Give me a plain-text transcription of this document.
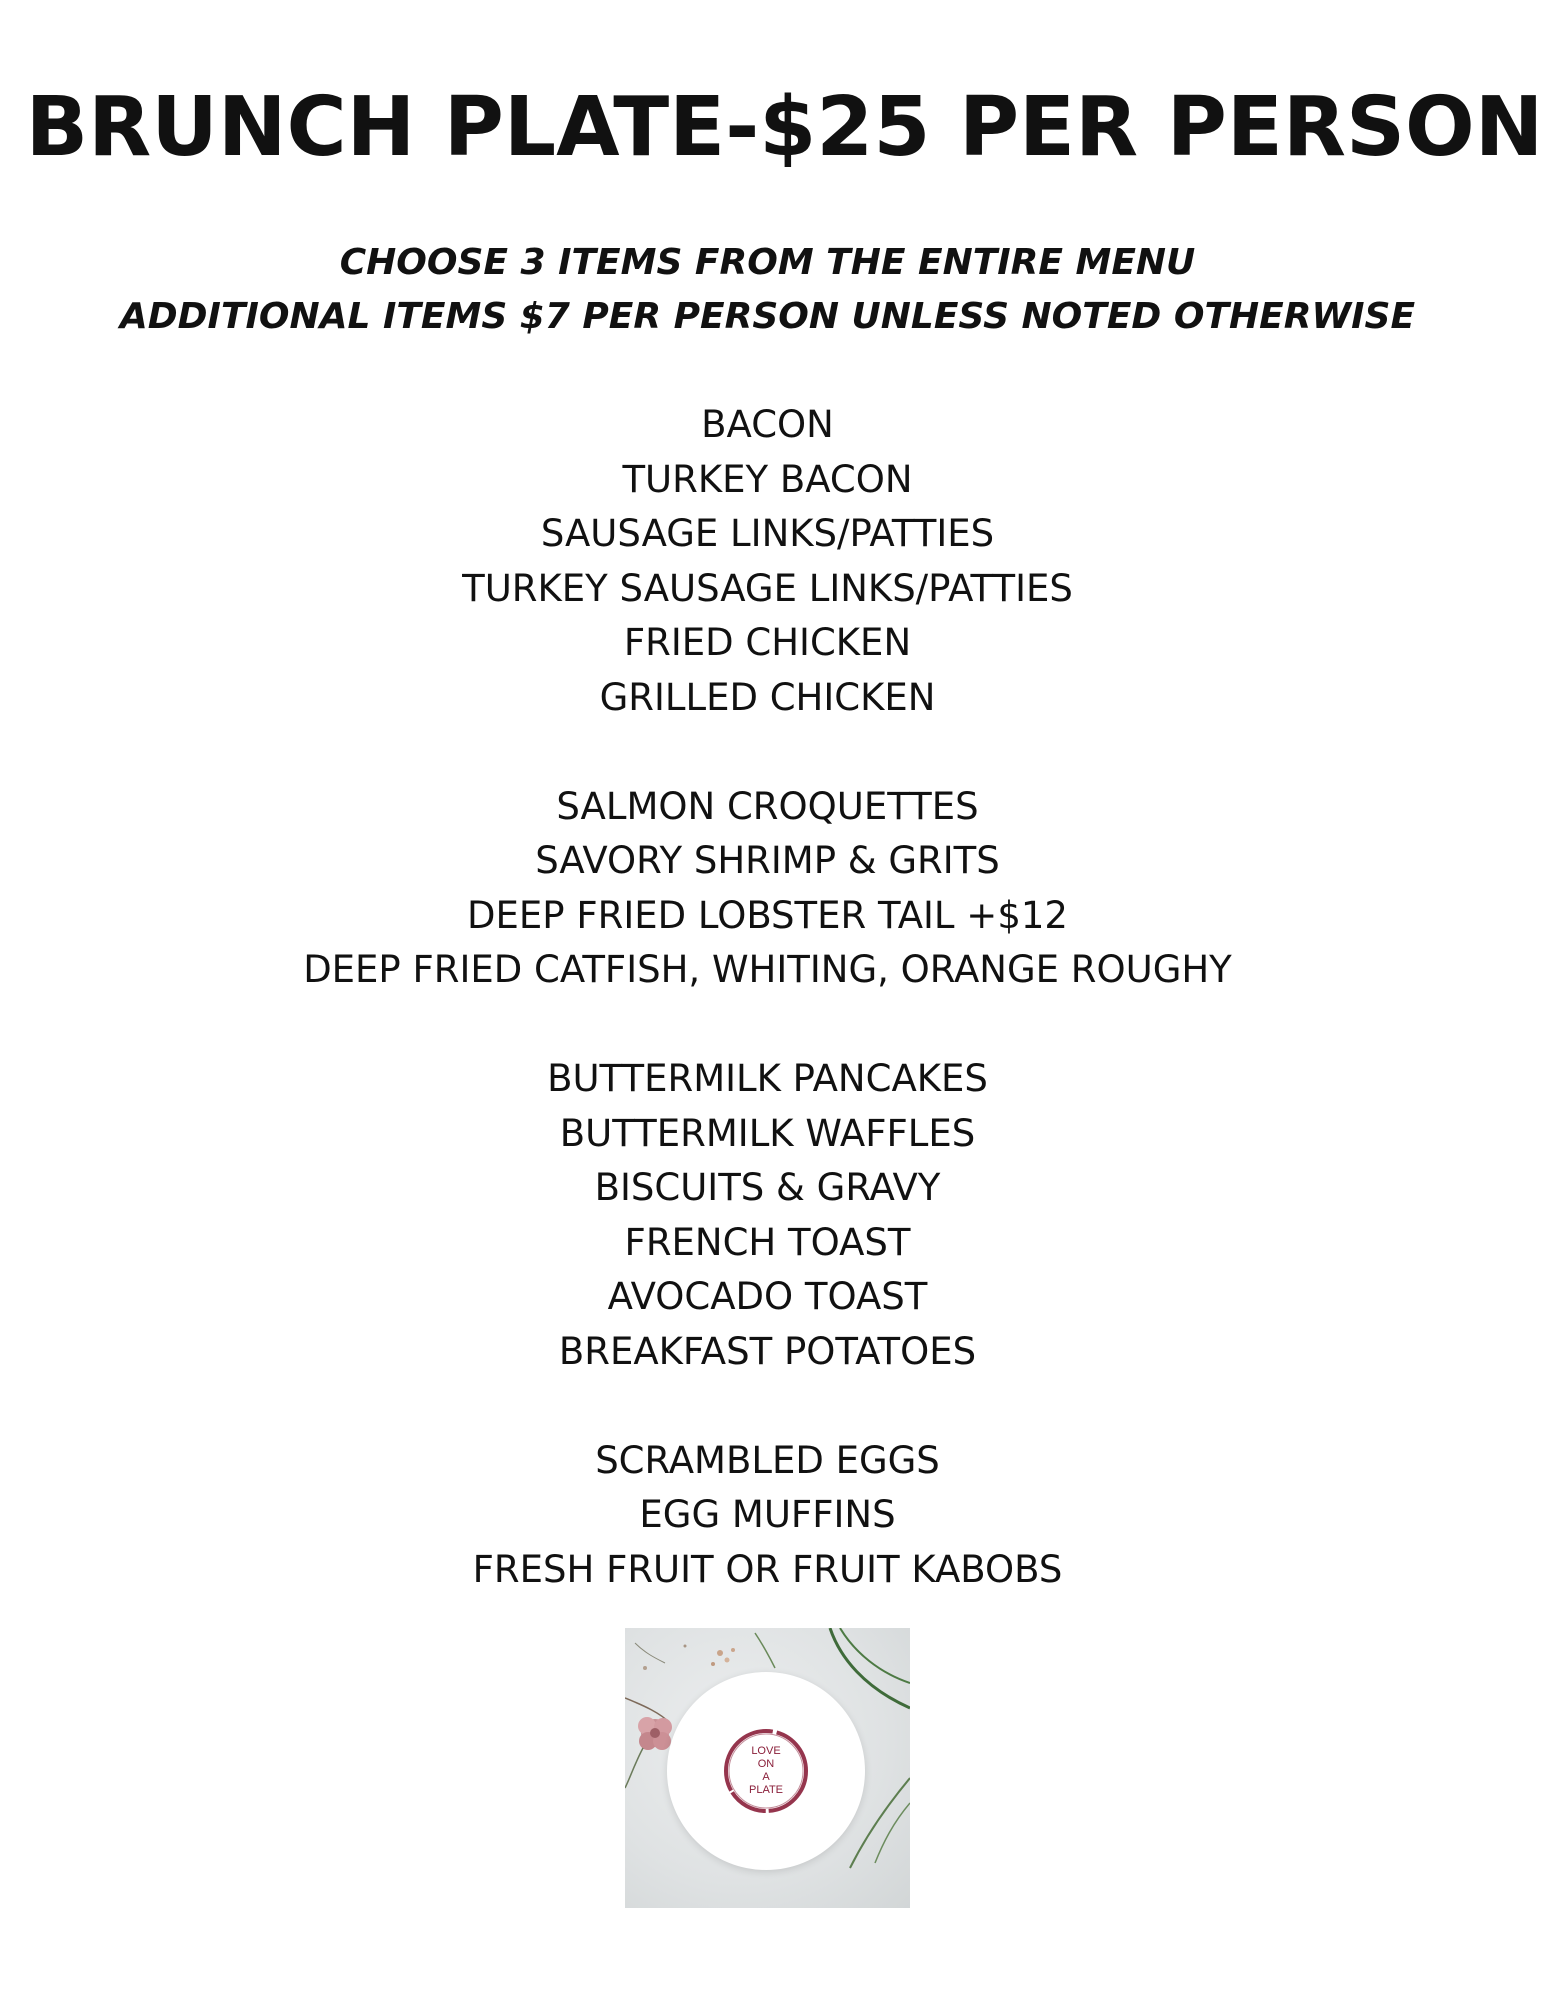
BRUNCH PLATE-$25 PER PERSON
CHOOSE 3 ITEMS FROM THE ENTIRE MENU
ADDITIONAL ITEMS $7 PER PERSON UNLESS NOTED OTHERWISE
BACON
TURKEY BACON
SAUSAGE LINKS/PATTIES
TURKEY SAUSAGE LINKS/PATTIES
FRIED CHICKEN
GRILLED CHICKEN
SALMON CROQUETTES
SAVORY SHRIMP & GRITS
DEEP FRIED LOBSTER TAIL +$12
DEEP FRIED CATFISH, WHITING, ORANGE ROUGHY
BUTTERMILK PANCAKES
BUTTERMILK WAFFLES
BISCUITS & GRAVY
FRENCH TOAST
AVOCADO TOAST
BREAKFAST POTATOES
SCRAMBLED EGGS
EGG MUFFINS
FRESH FRUIT OR FRUIT KABOBS
LOVE
ON
A
PLATE
